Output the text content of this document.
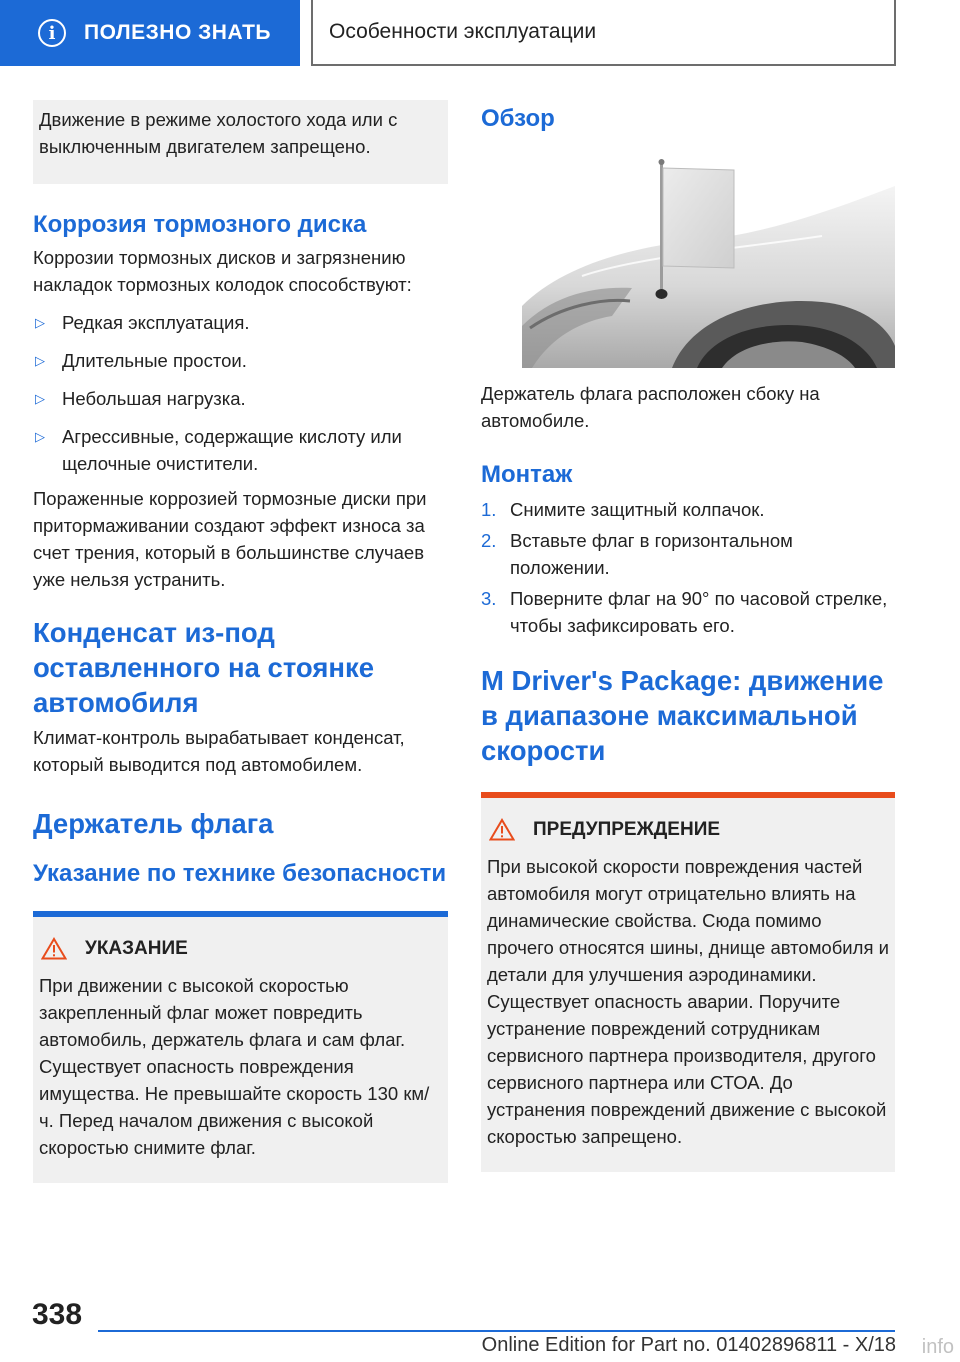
i	ПОЛЕЗНО ЗНАТЬ	Особенности эксплуатации
Движение в режиме холостого хода или с выключенным двигателем запрещено.
Коррозия тормозного диска
Коррозии тормозных дисков и загрязнению накладок тормозных колодок способствуют:
▷ Редкая эксплуатация.
▷ Длительные простои.
▷ Небольшая нагрузка.
▷ Агрессивные, содержащие кислоту или щелочные очистители.
Пораженные коррозией тормозные диски при притормаживании создают эффект износа за счет трения, который в большинстве случаев уже нельзя устранить.
Конденсат из-под оставленного на стоянке автомобиля
Климат-контроль вырабатывает конденсат, который выводится под автомобилем.
Держатель флага
Указание по технике безопасности
УКАЗАНИЕ
При движении с высокой скоростью закрепленный флаг может повредить автомобиль, держатель флага и сам флаг. Существует опасность повреждения имущества. Не превышайте скорость 130 км/ч. Перед началом движения с высокой скоростью снимите флаг.
Обзор
Держатель флага расположен сбоку на автомобиле.
Монтаж
1. Снимите защитный колпачок.
2. Вставьте флаг в горизонтальном положении.
3. Поверните флаг на 90° по часовой стрелке, чтобы зафиксировать его.
M Driver's Package: движение в диапазоне максимальной скорости
ПРЕДУПРЕЖДЕНИЕ
При высокой скорости повреждения частей автомобиля могут отрицательно влиять на динамические свойства. Сюда помимо прочего относятся шины, днище автомобиля и детали для улучшения аэродинамики. Существует опасность аварии. Поручите устранение повреждений сотрудникам сервисного партнера производителя, другого сервисного партнера или СТОА. До устранения повреждений движение с высокой скоростью запрещено.
338
Online Edition for Part no. 01402896811 - X/18 info
